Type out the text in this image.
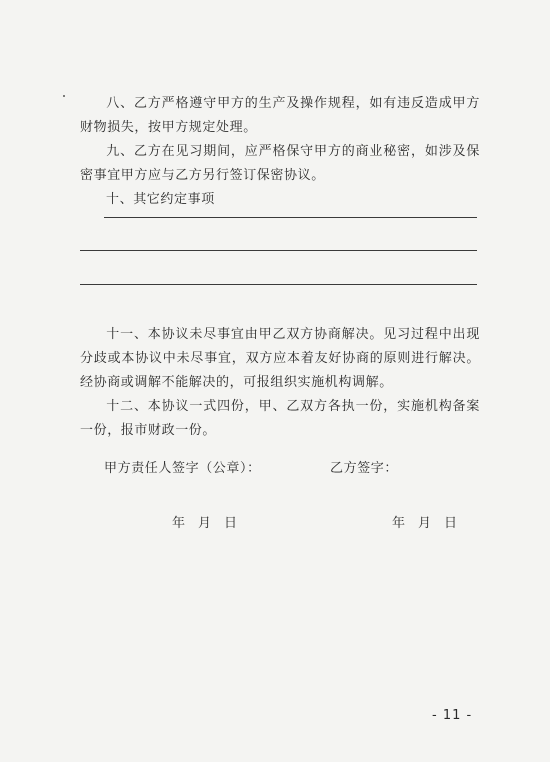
八、乙方严格遵守甲方的生产及操作规程，如有违反造成甲方财物损失，按甲方规定处理。

九、乙方在见习期间，应严格保守甲方的商业秘密，如涉及保密事宜甲方应与乙方另行签订保密协议。

十、其它约定事项

十一、本协议未尽事宜由甲乙双方协商解决。见习过程中出现分歧或本协议中未尽事宜，双方应本着友好协商的原则进行解决。经协商或调解不能解决的，可报组织实施机构调解。

十二、本协议一式四份，甲、乙双方各执一份，实施机构备案一份，报市财政一份。

甲方责任人签字（公章）：	乙方签字：
年 月 日	年 月 日
- 11 -
